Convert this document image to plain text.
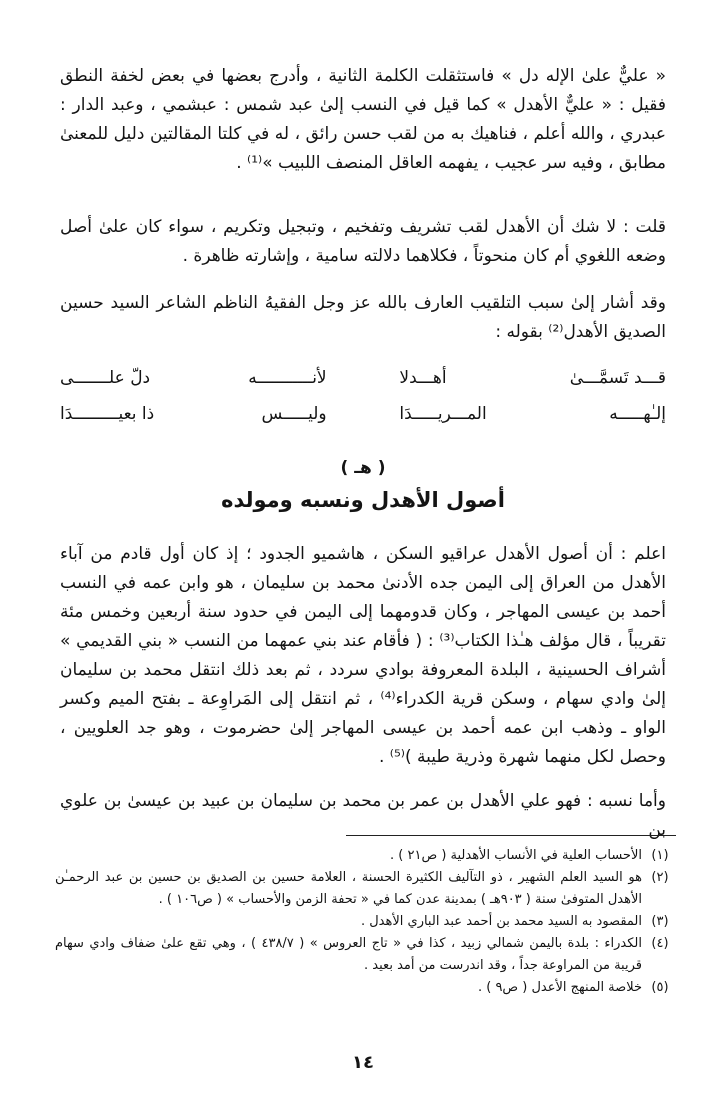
« عليٌّ علىٰ الإله دل » فاستثقلت الكلمة الثانية ، وأدرج بعضها في بعض لخفة النطق فقيل : « عليٌّ الأهدل » كما قيل في النسب إلىٰ عبد شمس : عبشمي ، وعبد الدار : عبدري ، والله أعلم ، فناهيك به من لقب حسن رائق ، له في كلتا المقالتين دليل للمعنىٰ مطابق ، وفيه سر عجيب ، يفهمه العاقل المنصف اللبيب »⁽¹⁾ .

قلت : لا شك أن الأهدل لقب تشريف وتفخيم ، وتبجيل وتكريم ، سواء كان علىٰ أصل وضعه اللغوي أم كان منحوتاً ، فكلاهما دلالته سامية ، وإشارته ظاهرة .

وقد أشار إلىٰ سبب التلقيب العارف بالله عز وجل الفقيهُ الناظم الشاعر السيد حسين الصديق الأهدل⁽²⁾ بقوله :

قـــد تَسمَّـــىٰ
أهـــدلا
لأنـــــــــــه
دلّ علـــــــى
إلـٰهـــــه
المـــريـــــدَا
وليـــــس
ذا بعيـــــــــدَا
( هـ )
أصول الأهدل ونسبه ومولده

اعلم : أن أصول الأهدل عراقيو السكن ، هاشميو الجدود ؛ إذ كان أول قادم من آباء الأهدل من العراق إلى اليمن جده الأدنىٰ محمد بن سليمان ، هو وابن عمه في النسب أحمد بن عيسى المهاجر ، وكان قدومهما إلى اليمن في حدود سنة أربعين وخمس مئة تقريباً ، قال مؤلف هـٰذا الكتاب⁽³⁾ : ( فأقام عند بني عمهما من النسب « بني القديمي » أشراف الحسينية ، البلدة المعروفة بوادي سردد ، ثم بعد ذلك انتقل محمد بن سليمان إلىٰ وادي سهام ، وسكن قرية الكدراء⁽⁴⁾ ، ثم انتقل إلى المَراوِعة ـ بفتح الميم وكسر الواو ـ وذهب ابن عمه أحمد بن عيسى المهاجر إلىٰ حضرموت ، وهو جد العلويين ، وحصل لكل منهما شهرة وذرية طيبة )⁽⁵⁾ .

وأما نسبه : فهو علي الأهدل بن عمر بن محمد بن سليمان بن عبيد بن عيسىٰ بن علوي بن

(١)
الأحساب العلية في الأنساب الأهدلية ( ص٢١ ) .
(٢)
هو السيد العلم الشهير ، ذو التآليف الكثيرة الحسنة ، العلامة حسين بن الصديق بن حسين بن عبد الرحمـٰن الأهدل المتوفىٰ سنة ( ٩٠٣هـ ) بمدينة عدن كما في « تحفة الزمن والأحساب » ( ص١٠٦ ) .
(٣)
المقصود به السيد محمد بن أحمد عبد الباري الأهدل .
(٤)
الكدراء : بلدة باليمن شمالي زبيد ، كذا في « تاج العروس » ( ٤٣٨/٧ ) ، وهي تقع علىٰ ضفاف وادي سهام قريبة من المراوعة جداً ، وقد اندرست من أمد بعيد .
(٥)
خلاصة المنهج الأعدل ( ص٩ ) .
١٤
